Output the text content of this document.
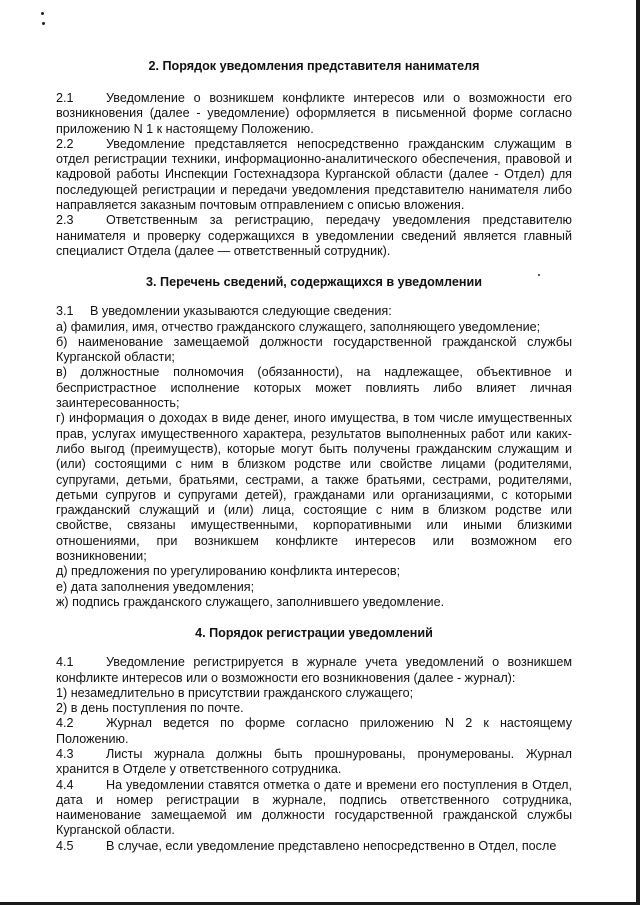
2. Порядок уведомления представителя нанимателя

2.1	Уведомление о возникшем конфликте интересов или о возможности его возникновения (далее - уведомление) оформляется в письменной форме согласно приложению N 1 к настоящему Положению.

2.2	Уведомление представляется непосредственно гражданским служащим в отдел регистрации техники, информационно-аналитического обеспечения, правовой и кадровой работы Инспекции Гостехнадзора Курганской области (далее - Отдел) для последующей регистрации и передачи уведомления представителю нанимателя либо направляется заказным почтовым отправлением с описью вложения.

2.3	Ответственным за регистрацию, передачу уведомления представителю нанимателя и проверку содержащихся в уведомлении сведений является главный специалист Отдела (далее — ответственный сотрудник).

3. Перечень сведений, содержащихся в уведомлении

3.1 В уведомлении указываются следующие сведения:

а) фамилия, имя, отчество гражданского служащего, заполняющего уведомление;

б) наименование замещаемой должности государственной гражданской службы Курганской области;

в) должностные полномочия (обязанности), на надлежащее, объективное и беспристрастное исполнение которых может повлиять либо влияет личная заинтересованность;

г) информация о доходах в виде денег, иного имущества, в том числе имущественных прав, услугах имущественного характера, результатов выполненных работ или каких-либо выгод (преимуществ), которые могут быть получены гражданским служащим и (или) состоящими с ним в близком родстве или свойстве лицами (родителями, супругами, детьми, братьями, сестрами, а также братьями, сестрами, родителями, детьми супругов и супругами детей), гражданами или организациями, с которыми гражданский служащий и (или) лица, состоящие с ним в близком родстве или свойстве, связаны имущественными, корпоративными или иными близкими отношениями, при возникшем конфликте интересов или возможном его возникновении;

д) предложения по урегулированию конфликта интересов;

е) дата заполнения уведомления;

ж) подпись гражданского служащего, заполнившего уведомление.

4. Порядок регистрации уведомлений

4.1	Уведомление регистрируется в журнале учета уведомлений о возникшем конфликте интересов или о возможности его возникновения (далее - журнал):

1) незамедлительно в присутствии гражданского служащего;

2) в день поступления по почте.

4.2	Журнал ведется по форме согласно приложению N 2 к настоящему Положению.

4.3	Листы журнала должны быть прошнурованы, пронумерованы. Журнал хранится в Отделе у ответственного сотрудника.

4.4	На уведомлении ставятся отметка о дате и времени его поступления в Отдел, дата и номер регистрации в журнале, подпись ответственного сотрудника, наименование замещаемой им должности государственной гражданской службы Курганской области.

4.5	В случае, если уведомление представлено непосредственно в Отдел, после
